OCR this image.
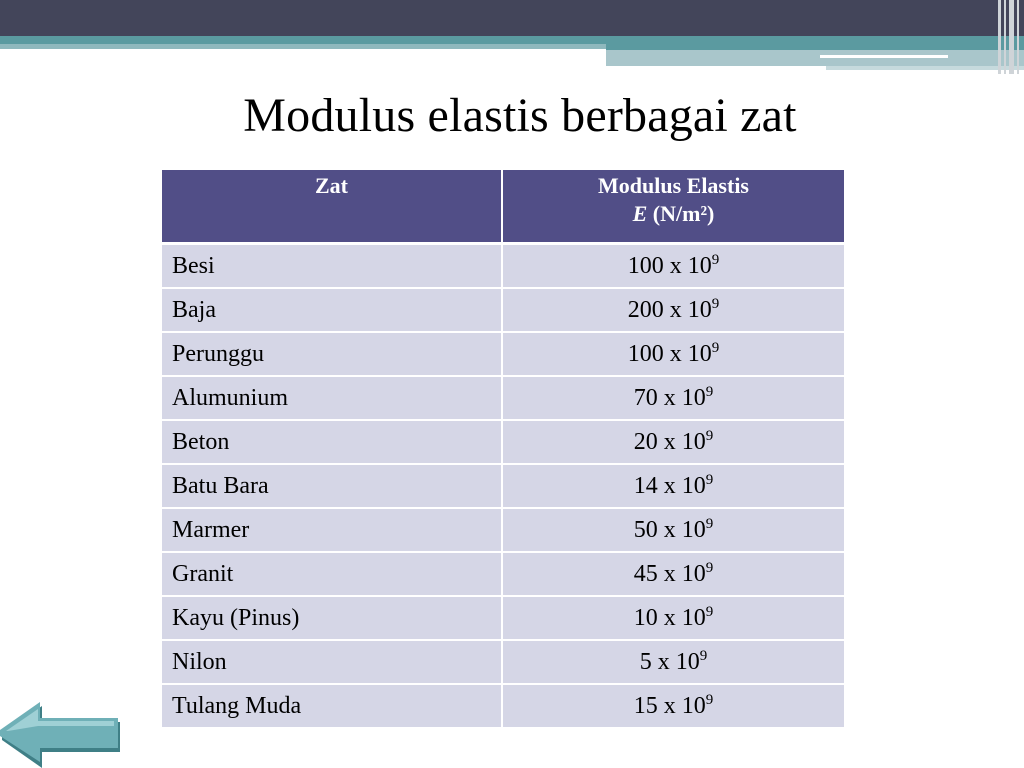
Modulus elastis berbagai zat
Zat	Modulus Elastis
E (N/m²)
Besi	100 x $10^9$
Baja	200 x $10^9$
Perunggu	100 x $10^9$
Alumunium	70 x $10^9$
Beton	20 x $10^9$
Batu Bara	14 x $10^9$
Marmer	50 x $10^9$
Granit	45 x $10^9$
Kayu (Pinus)	10 x $10^9$
Nilon	5 x $10^9$
Tulang Muda	15 x $10^9$
